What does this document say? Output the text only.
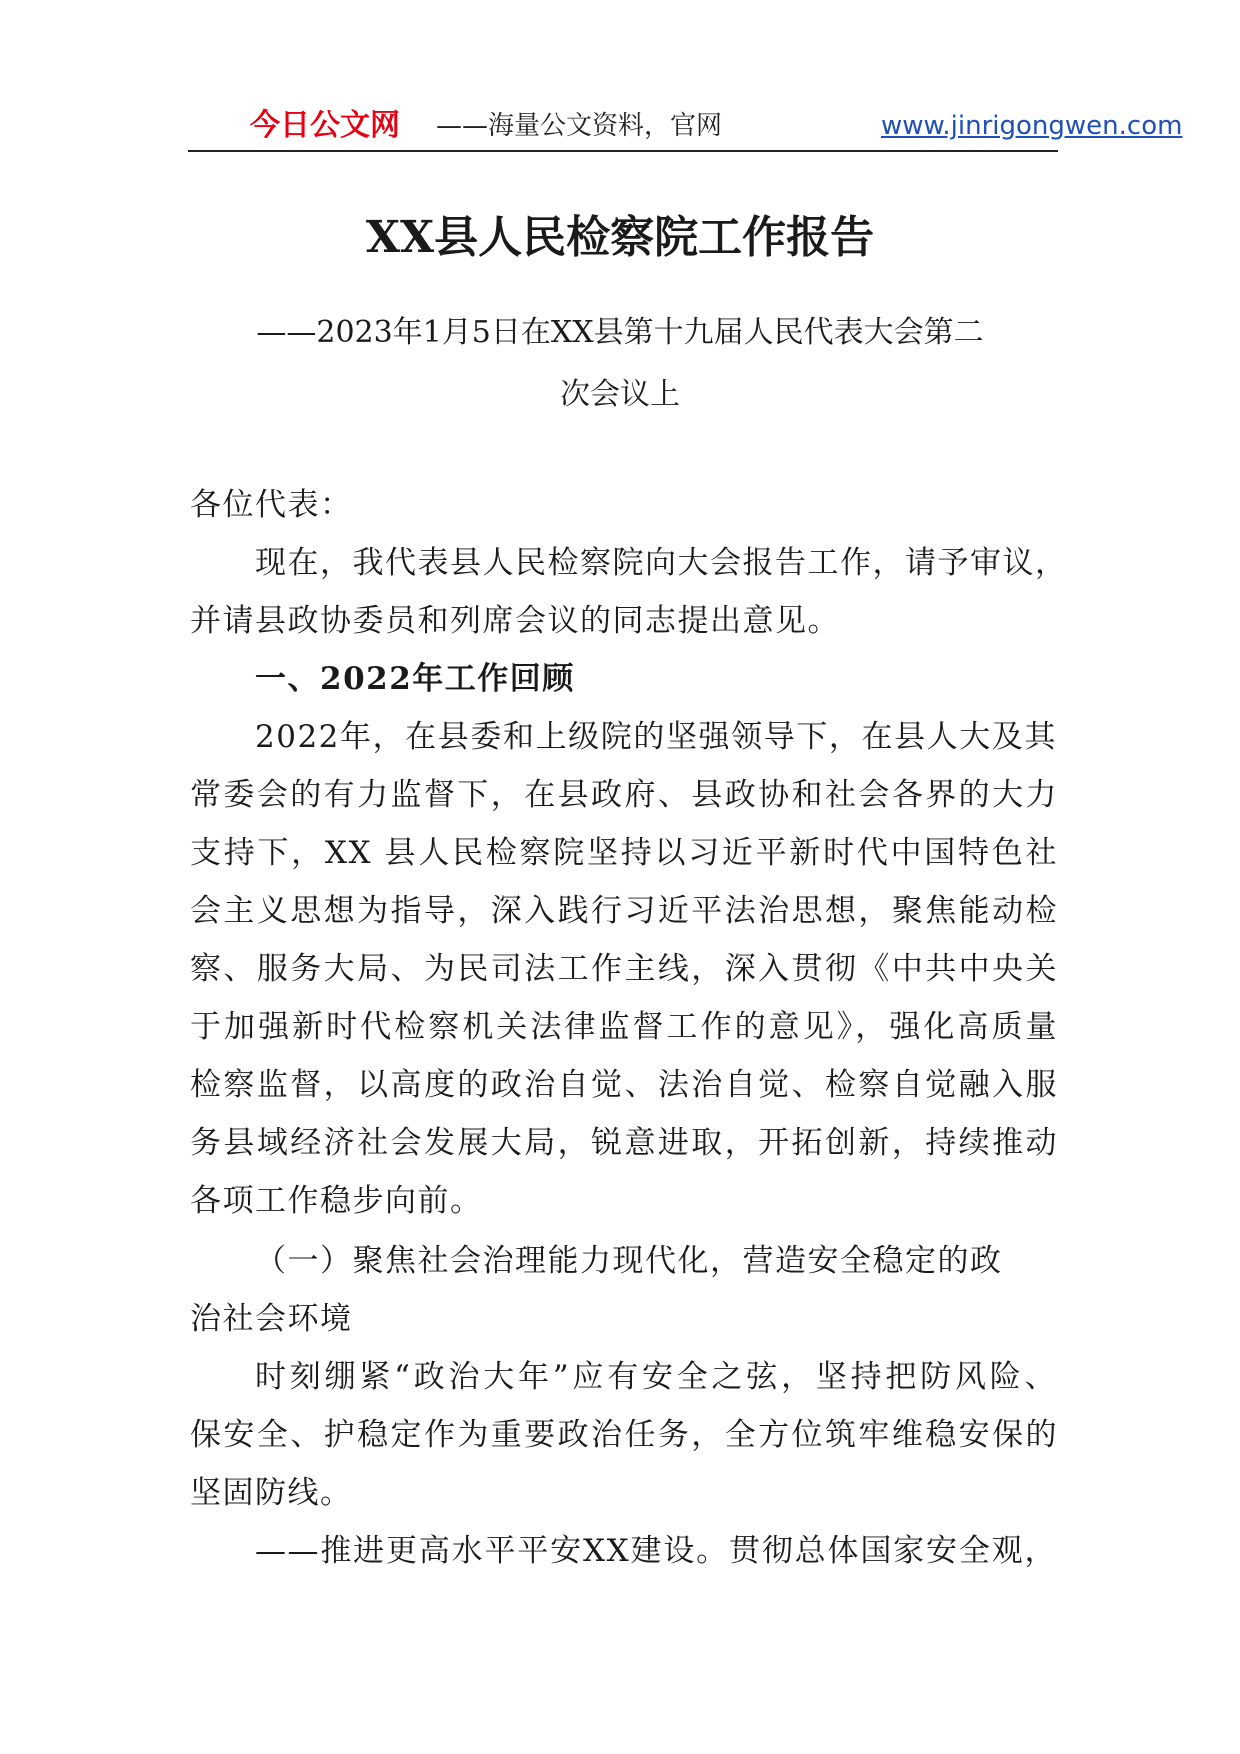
今日公文网 ——海量公文资料，官网	www.jinrigongwen.com
XX县人民检察院工作报告
——2023年1月5日在XX县第十九届人民代表大会第二
次会议上
各位代表：
现在，我代表县人民检察院向大会报告工作，请予审议，
并请县政协委员和列席会议的同志提出意见。
一、2022年工作回顾
2022年，在县委和上级院的坚强领导下，在县人大及其
常委会的有力监督下，在县政府、县政协和社会各界的大力
支持下，XX 县人民检察院坚持以习近平新时代中国特色社
会主义思想为指导，深入践行习近平法治思想，聚焦能动检
察、服务大局、为民司法工作主线，深入贯彻《中共中央关
于加强新时代检察机关法律监督工作的意见》，强化高质量
检察监督，以高度的政治自觉、法治自觉、检察自觉融入服
务县域经济社会发展大局，锐意进取，开拓创新，持续推动
各项工作稳步向前。
（一）聚焦社会治理能力现代化，营造安全稳定的政
治社会环境
时刻绷紧“政治大年”应有安全之弦，坚持把防风险、
保安全、护稳定作为重要政治任务，全方位筑牢维稳安保的
坚固防线。
——推进更高水平平安XX建设。贯彻总体国家安全观，
